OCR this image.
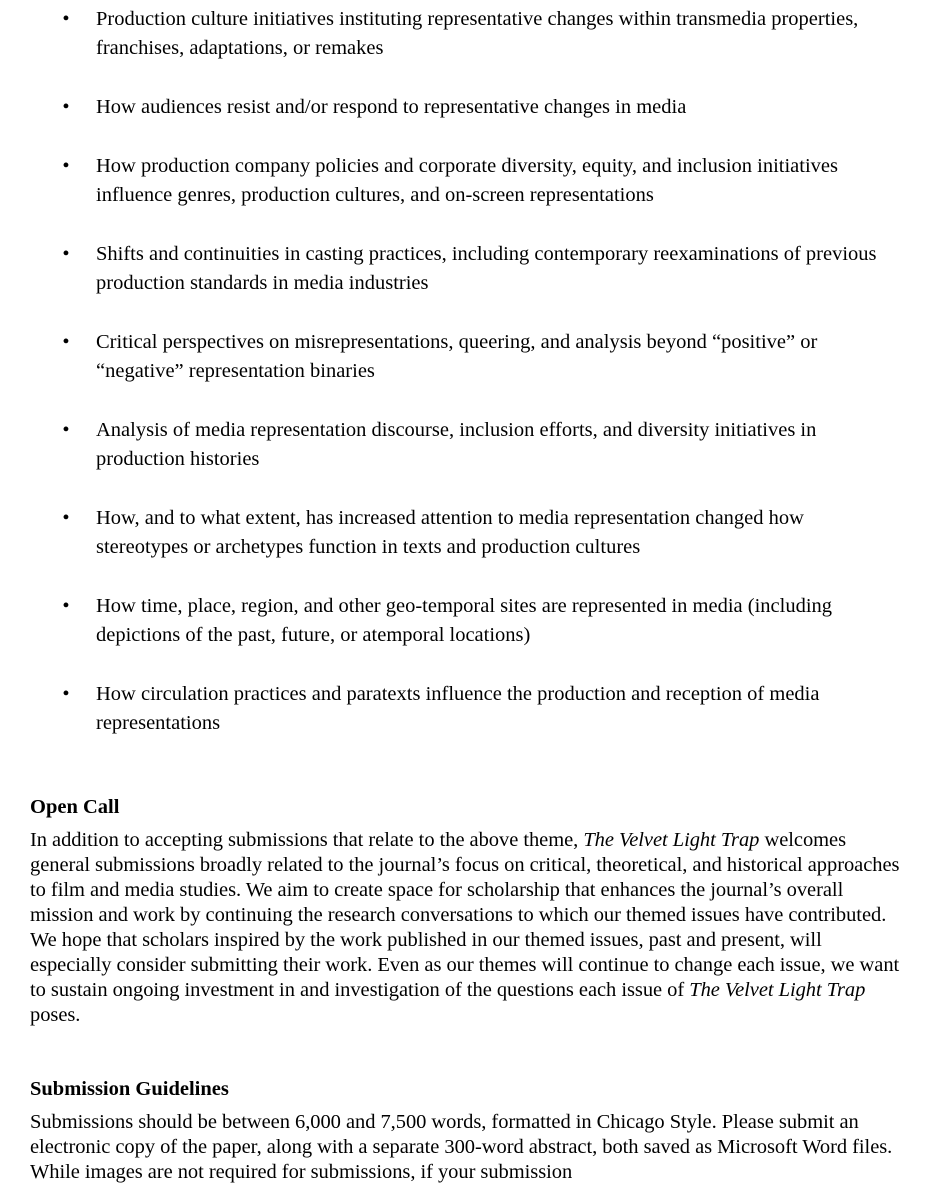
• Production culture initiatives instituting representative changes within transmedia properties, franchises, adaptations, or remakes
• How audiences resist and/or respond to representative changes in media
• How production company policies and corporate diversity, equity, and inclusion initiatives influence genres, production cultures, and on-screen representations
• Shifts and continuities in casting practices, including contemporary reexaminations of previous production standards in media industries
• Critical perspectives on misrepresentations, queering, and analysis beyond “positive” or “negative” representation binaries
• Analysis of media representation discourse, inclusion efforts, and diversity initiatives in production histories
• How, and to what extent, has increased attention to media representation changed how stereotypes or archetypes function in texts and production cultures
• How time, place, region, and other geo-temporal sites are represented in media (including depictions of the past, future, or atemporal locations)
• How circulation practices and paratexts influence the production and reception of media representations
Open Call

In addition to accepting submissions that relate to the above theme, The Velvet Light Trap welcomes general submissions broadly related to the journal’s focus on critical, theoretical, and historical approaches to film and media studies. We aim to create space for scholarship that enhances the journal’s overall mission and work by continuing the research conversations to which our themed issues have contributed. We hope that scholars inspired by the work published in our themed issues, past and present, will especially consider submitting their work. Even as our themes will continue to change each issue, we want to sustain ongoing investment in and investigation of the questions each issue of The Velvet Light Trap poses.

Submission Guidelines

Submissions should be between 6,000 and 7,500 words, formatted in Chicago Style. Please submit an electronic copy of the paper, along with a separate 300-word abstract, both saved as Microsoft Word files. While images are not required for submissions, if your submission
